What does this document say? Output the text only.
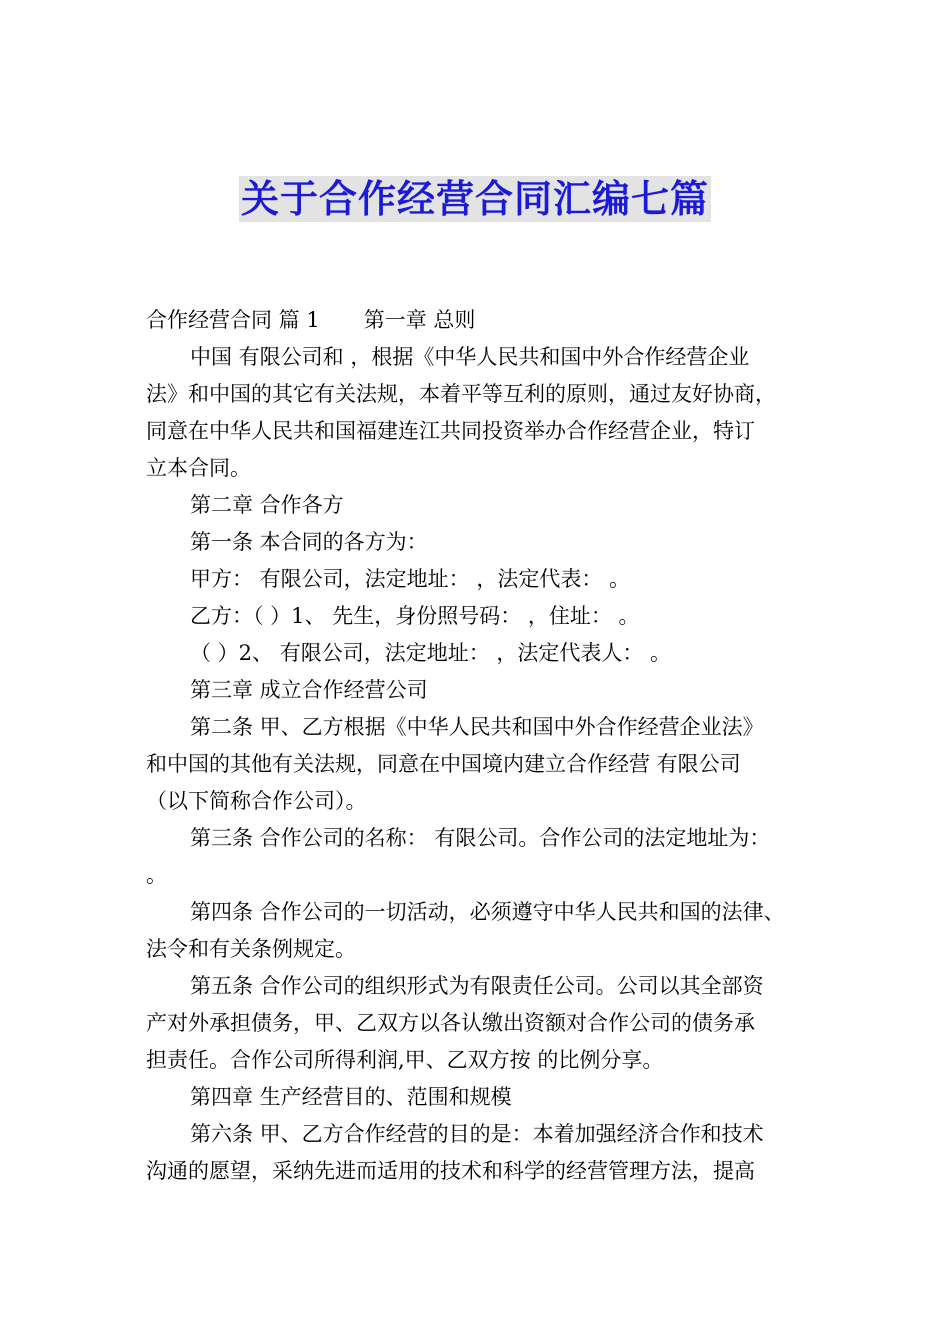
关于合作经营合同汇编七篇

合作经营合同 篇 1 第一章 总则

中国 有限公司和 ，根据《中华人民共和国中外合作经营企业

法》和中国的其它有关法规，本着平等互利的原则，通过友好协商，

同意在中华人民共和国福建连江共同投资举办合作经营企业，特订

立本合同。

第二章 合作各方

第一条 本合同的各方为：

甲方： 有限公司，法定地址： ，法定代表： 。

乙方：（ ）1、 先生，身份照号码： ，住址： 。

（ ）2、 有限公司，法定地址： ，法定代表人： 。

第三章 成立合作经营公司

第二条 甲、乙方根据《中华人民共和国中外合作经营企业法》

和中国的其他有关法规，同意在中国境内建立合作经营 有限公司

（以下简称合作公司）。

第三条 合作公司的名称： 有限公司。合作公司的法定地址为：

。

第四条 合作公司的一切活动，必须遵守中华人民共和国的法律、

法令和有关条例规定。

第五条 合作公司的组织形式为有限责任公司。公司以其全部资

产对外承担债务，甲、乙双方以各认缴出资额对合作公司的债务承

担责任。合作公司所得利润,甲、乙双方按 的比例分享。

第四章 生产经营目的、范围和规模

第六条 甲、乙方合作经营的目的是：本着加强经济合作和技术

沟通的愿望，采纳先进而适用的技术和科学的经营管理方法，提高
